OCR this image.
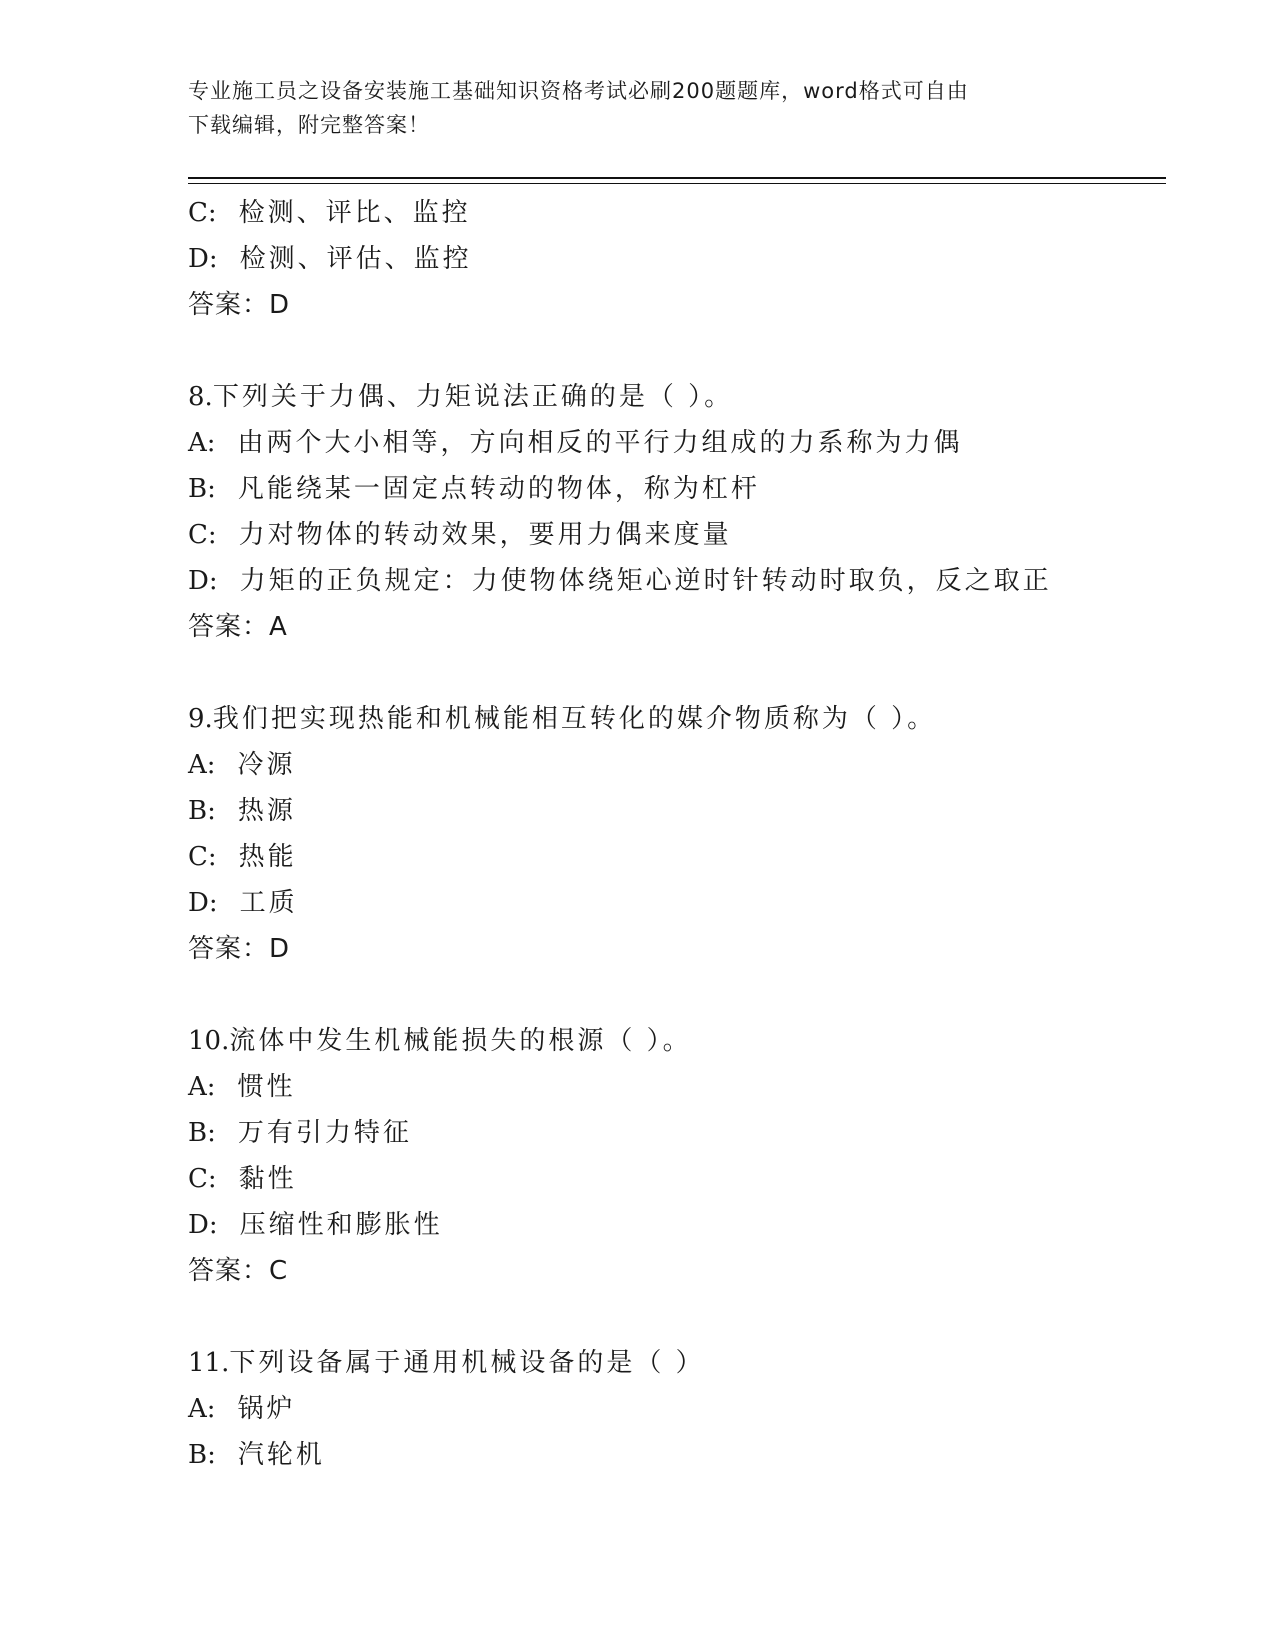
专业施工员之设备安装施工基础知识资格考试必刷200题题库，word格式可自由
下载编辑，附完整答案！
C: 检测、评比、监控
D: 检测、评估、监控
答案：D
8.下列关于力偶、力矩说法正确的是（ ）。
A: 由两个大小相等，方向相反的平行力组成的力系称为力偶
B: 凡能绕某一固定点转动的物体，称为杠杆
C: 力对物体的转动效果，要用力偶来度量
D: 力矩的正负规定：力使物体绕矩心逆时针转动时取负，反之取正
答案：A
9.我们把实现热能和机械能相互转化的媒介物质称为（ ）。
A: 冷源
B: 热源
C: 热能
D: 工质
答案：D
10.流体中发生机械能损失的根源（ ）。
A: 惯性
B: 万有引力特征
C: 黏性
D: 压缩性和膨胀性
答案：C
11.下列设备属于通用机械设备的是（ ）
A: 锅炉
B: 汽轮机
